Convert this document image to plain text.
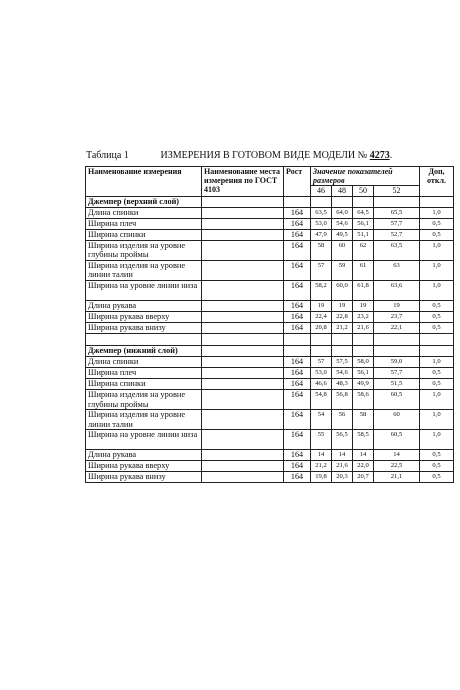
Таблица 1	ИЗМЕРЕНИЯ В ГОТОВОМ ВИДЕ МОДЕЛИ № 4273.
Наименование измерения	Наименование места измерения по ГОСТ 4103	Рост	Значение показателей размеров				Доп, откл.
			46	48	50	52	
Джемпер (верхний слой)							
Длина спинки		164	63,5	64,0	64,5	65,5	1,0
Ширина плеч		164	53,0	54,6	56,1	57,7	0,5
Ширина спинки		164	47,9	49,5	51,1	52,7	0,5
Ширина изделия на уровне глубины проймы		164	58	60	62	63,5	1,0
Ширина изделия на уровне линии талии		164	57	59	61	63	1,0
Ширина на уровне линии низа		164	58,2	60,0	61,8	63,6	1,0
Длина рукава		164	19	19	19	19	0,5
Ширина рукава вверху		164	22,4	22,8	23,2	23,7	0,5
Ширина рукава внизу		164	20,8	21,2	21,6	22,1	0,5

Джемпер (нижний слой)							
Длина спинки		164	57	57,5	58,0	59,0	1,0
Ширина плеч		164	53,0	54,6	56,1	57,7	0,5
Ширина спинки		164	46,6	48,3	49,9	51,5	0,5
Ширина изделия на уровне глубины проймы		164	54,8	56,8	58,6	60,5	1,0
Ширина изделия на уровне линии талии		164	54	56	58	60	1,0
Ширина на уровне линии низа		164	55	56,5	58,5	60,5	1,0
Длина рукава		164	14	14	14	14	0,5
Ширина рукава вверху		164	21,2	21,6	22,0	22,5	0,5
Ширина рукава внизу		164	19,8	20,3	20,7	21,1	0,5
